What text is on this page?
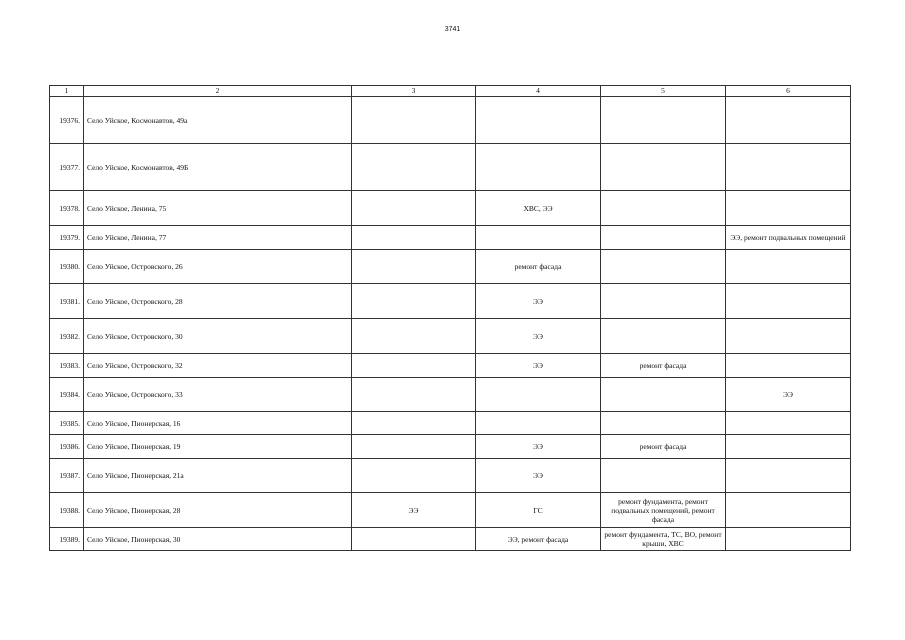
3741
1	2	3	4	5	6
19376.	Село Уйское, Космонавтов, 49а				
19377.	Село Уйское, Космонавтов, 49Б				
19378.	Село Уйское, Ленина, 75		ХВС, ЭЭ		
19379.	Село Уйское, Ленина, 77				ЭЭ, ремонт подвальных помещений
19380.	Село Уйское, Островского, 26		ремонт фасада		
19381.	Село Уйское, Островского, 28		ЭЭ		
19382.	Село Уйское, Островского, 30		ЭЭ		
19383.	Село Уйское, Островского, 32		ЭЭ	ремонт фасада	
19384.	Село Уйское, Островского, 33				ЭЭ
19385.	Село Уйское, Пионерская, 16				
19386.	Село Уйское, Пионерская, 19		ЭЭ	ремонт фасада	
19387.	Село Уйское, Пионерская, 21а		ЭЭ		
19388.	Село Уйское, Пионерская, 28	ЭЭ	ГС	ремонт фундамента, ремонт подвальных помещений, ремонт фасада	
19389.	Село Уйское, Пионерская, 30		ЭЭ, ремонт фасада	ремонт фундамента, ТС, ВО, ремонт крыши, ХВС	
